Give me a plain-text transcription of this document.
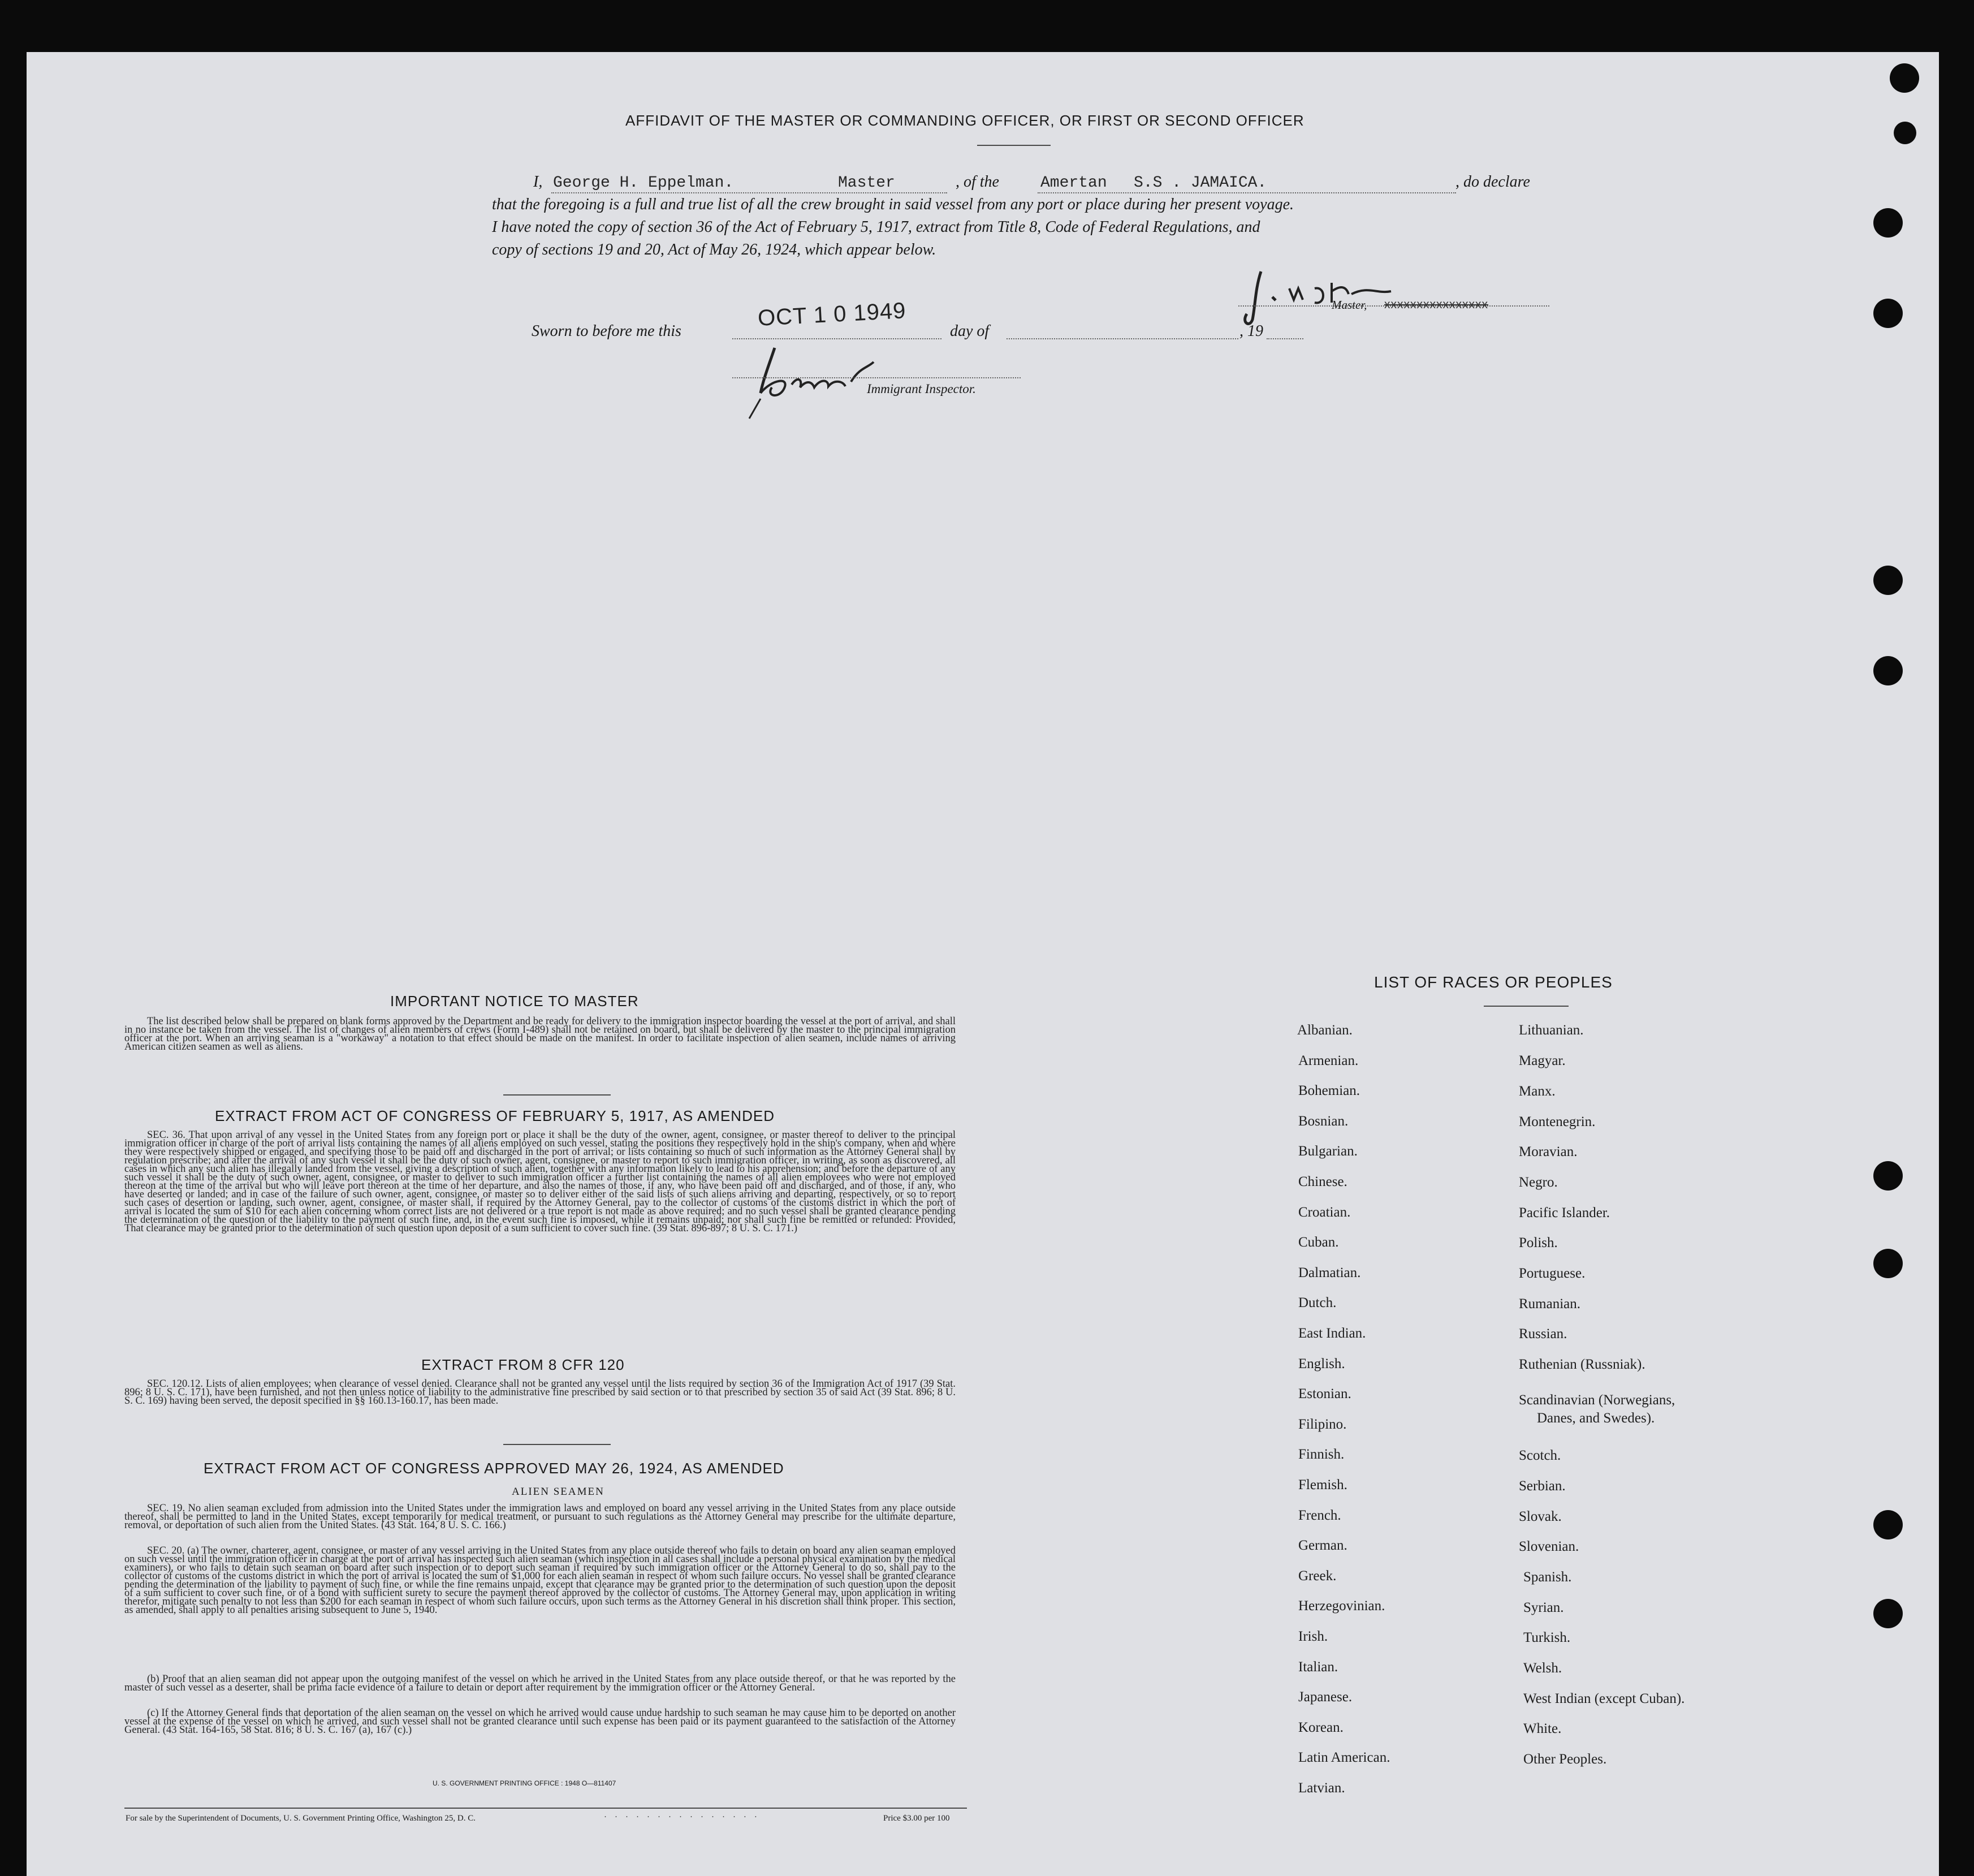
AFFIDAVIT OF THE MASTER OR COMMANDING OFFICER, OR FIRST OR SECOND OFFICER
I, George H. Eppelman.	Master	, of the	Amertan S.S . JAMAICA.	, do declare
that the foregoing is a full and true list of all the crew brought in said vessel from any port or place during her present voyage.
I have noted the copy of section 36 of the Act of February 5, 1917, extract from Title 8, Code of Federal Regulations, and
copy of sections 19 and 20, Act of May 26, 1924, which appear below.
Master, xxxxxxxxxxxxxxxx
Sworn to before me this
OCT 1 0 1949
day of	, 19
Immigrant Inspector.
IMPORTANT NOTICE TO MASTER
The list described below shall be prepared on blank forms approved by the Department and be ready for delivery to the immigration inspector boarding the vessel at the port of arrival, and shall in no instance be taken from the vessel. The list of changes of alien members of crews (Form I-489) shall not be retained on board, but shall be delivered by the master to the principal immigration officer at the port. When an arriving seaman is a "workaway" a notation to that effect should be made on the manifest. In order to facilitate inspection of alien seamen, include names of arriving American citizen seamen as well as aliens.
EXTRACT FROM ACT OF CONGRESS OF FEBRUARY 5, 1917, AS AMENDED
SEC. 36. That upon arrival of any vessel in the United States from any foreign port or place it shall be the duty of the owner, agent, consignee, or master thereof to deliver to the principal immigration officer in charge of the port of arrival lists containing the names of all aliens employed on such vessel, stating the positions they respectively hold in the ship's company, when and where they were respectively shipped or engaged, and specifying those to be paid off and discharged in the port of arrival; or lists containing so much of such information as the Attorney General shall by regulation prescribe; and after the arrival of any such vessel it shall be the duty of such owner, agent, consignee, or master to report to such immigration officer, in writing, as soon as discovered, all cases in which any such alien has illegally landed from the vessel, giving a description of such alien, together with any information likely to lead to his apprehension; and before the departure of any such vessel it shall be the duty of such owner, agent, consignee, or master to deliver to such immigration officer a further list containing the names of all alien employees who were not employed thereon at the time of the arrival but who will leave port thereon at the time of her departure, and also the names of those, if any, who have been paid off and discharged, and of those, if any, who have deserted or landed; and in case of the failure of such owner, agent, consignee, or master so to deliver either of the said lists of such aliens arriving and departing, respectively, or so to report such cases of desertion or landing, such owner, agent, consignee, or master shall, if required by the Attorney General, pay to the collector of customs of the customs district in which the port of arrival is located the sum of $10 for each alien concerning whom correct lists are not delivered or a true report is not made as above required; and no such vessel shall be granted clearance pending the determination of the question of the liability to the payment of such fine, and, in the event such fine is imposed, while it remains unpaid; nor shall such fine be remitted or refunded: Provided, That clearance may be granted prior to the determination of such question upon deposit of a sum sufficient to cover such fine. (39 Stat. 896-897; 8 U. S. C. 171.)
EXTRACT FROM 8 CFR 120
SEC. 120.12. Lists of alien employees; when clearance of vessel denied. Clearance shall not be granted any vessel until the lists required by section 36 of the Immigration Act of 1917 (39 Stat. 896; 8 U. S. C. 171), have been furnished, and not then unless notice of liability to the administrative fine prescribed by said section or to that prescribed by section 35 of said Act (39 Stat. 896; 8 U. S. C. 169) having been served, the deposit specified in §§ 160.13-160.17, has been made.
EXTRACT FROM ACT OF CONGRESS APPROVED MAY 26, 1924, AS AMENDED
ALIEN SEAMEN
SEC. 19. No alien seaman excluded from admission into the United States under the immigration laws and employed on board any vessel arriving in the United States from any place outside thereof, shall be permitted to land in the United States, except temporarily for medical treatment, or pursuant to such regulations as the Attorney General may prescribe for the ultimate departure, removal, or deportation of such alien from the United States. (43 Stat. 164, 8 U. S. C. 166.)
SEC. 20. (a) The owner, charterer, agent, consignee, or master of any vessel arriving in the United States from any place outside thereof who fails to detain on board any alien seaman employed on such vessel until the immigration officer in charge at the port of arrival has inspected such alien seaman (which inspection in all cases shall include a personal physical examination by the medical examiners), or who fails to detain such seaman on board after such inspection or to deport such seaman if required by such immigration officer or the Attorney General to do so, shall pay to the collector of customs of the customs district in which the port of arrival is located the sum of $1,000 for each alien seaman in respect of whom such failure occurs. No vessel shall be granted clearance pending the determination of the liability to payment of such fine, or while the fine remains unpaid, except that clearance may be granted prior to the determination of such question upon the deposit of a sum sufficient to cover such fine, or of a bond with sufficient surety to secure the payment thereof approved by the collector of customs. The Attorney General may, upon application in writing therefor, mitigate such penalty to not less than $200 for each seaman in respect of whom such failure occurs, upon such terms as the Attorney General in his discretion shall think proper. This section, as amended, shall apply to all penalties arising subsequent to June 5, 1940.
(b) Proof that an alien seaman did not appear upon the outgoing manifest of the vessel on which he arrived in the United States from any place outside thereof, or that he was reported by the master of such vessel as a deserter, shall be prima facie evidence of a failure to detain or deport after requirement by the immigration officer or the Attorney General.
(c) If the Attorney General finds that deportation of the alien seaman on the vessel on which he arrived would cause undue hardship to such seaman he may cause him to be deported on another vessel at the expense of the vessel on which he arrived, and such vessel shall not be granted clearance until such expense has been paid or its payment guaranteed to the satisfaction of the Attorney General. (43 Stat. 164-165, 58 Stat. 816; 8 U. S. C. 167 (a), 167 (c).)
U. S. GOVERNMENT PRINTING OFFICE : 1948 O—811407
For sale by the Superintendent of Documents, U. S. Government Printing Office, Washington 25, D. C.	···············	Price $3.00 per 100
LIST OF RACES OR PEOPLES
Albanian.
Armenian.
Bohemian.
Bosnian.
Bulgarian.
Chinese.
Croatian.
Cuban.
Dalmatian.
Dutch.
East Indian.
English.
Estonian.
Filipino.
Finnish.
Flemish.
French.
German.
Greek.
Herzegovinian.
Irish.
Italian.
Japanese.
Korean.
Latin American.
Latvian.
Lithuanian.
Magyar.
Manx.
Montenegrin.
Moravian.
Negro.
Pacific Islander.
Polish.
Portuguese.
Rumanian.
Russian.
Ruthenian (Russniak).
Scandinavian (Norwegians,
Danes, and Swedes).
Scotch.
Serbian.
Slovak.
Slovenian.
Spanish.
Syrian.
Turkish.
Welsh.
West Indian (except Cuban).
White.
Other Peoples.
